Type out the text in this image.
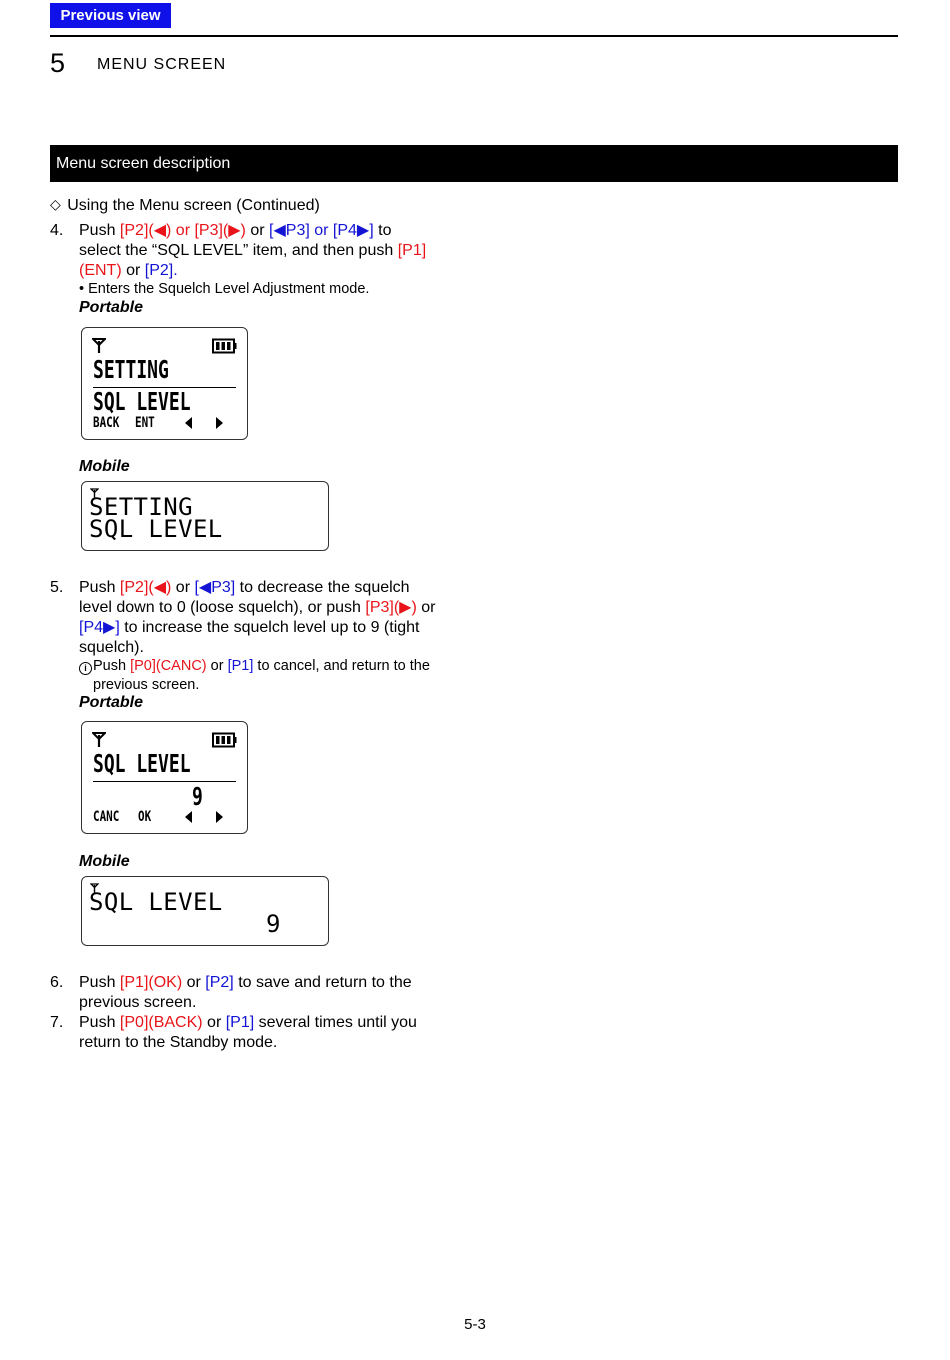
Previous view
5 MENU SCREEN
Menu screen description
◇ Using the Menu screen (Continued)
4. Push [P2](◀) or [P3](▶) or [◀P3] or [P4▶] to
select the “SQL LEVEL” item, and then push [P1]
(ENT) or [P2].
• Enters the Squelch Level Adjustment mode.
Portable
SETTING
SQL LEVEL
BACK ENT
Mobile
SETTING
SQL LEVEL
5. Push [P2](◀) or [◀P3] to decrease the squelch
level down to 0 (loose squelch), or push [P3](▶) or
[P4▶] to increase the squelch level up to 9 (tight
squelch).
i Push [P0](CANC) or [P1] to cancel, and return to the
previous screen.
Portable
SQL LEVEL
9
CANC OK
Mobile
SQL LEVEL
9
6. Push [P1](OK) or [P2] to save and return to the
previous screen.
7. Push [P0](BACK) or [P1] several times until you
return to the Standby mode.
5-3
